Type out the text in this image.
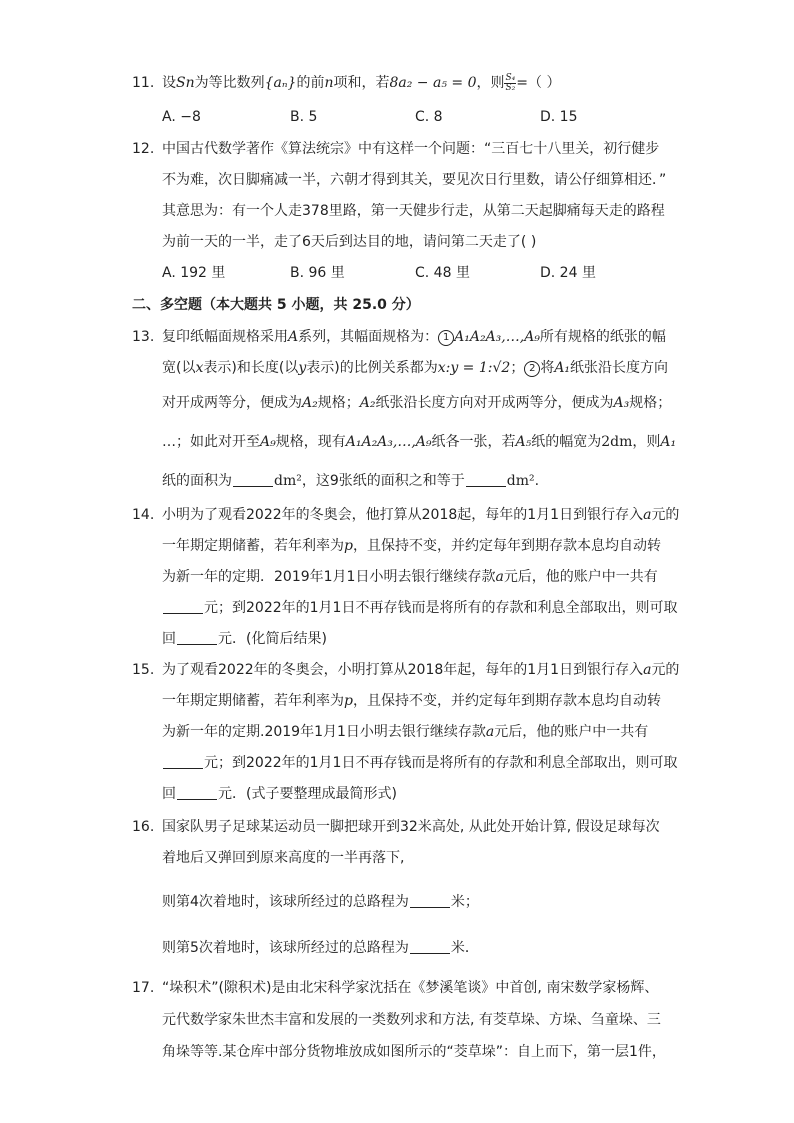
11. 设Sn为等比数列{aₙ}的前n项和，若8a₂ − a₅ = 0，则 $\frac{\text{S₄}}{\text{S₂}}$ =（ ）
A. −8	B. 5	C. 8	D. 15
12. 中国古代数学著作《算法统宗》中有这样一个问题：“三百七十八里关，初行健步
不为难，次日脚痛减一半，六朝才得到其关，要见次日行里数，请公仔细算相还．”
其意思为：有一个人走378里路，第一天健步行走，从第二天起脚痛每天走的路程
为前一天的一半，走了6天后到达目的地，请问第二天走了( )
A. 192 里	B. 96 里	C. 48 里	D. 24 里
二、多空题（本大题共 5 小题，共 25.0 分）
13. 复印纸幅面规格采用A系列，其幅面规格为： 1 A₁A₂A₃,…,A₉所有规格的纸张的幅
宽(以x表示)和长度(以y表示)的比例关系都为x:y = 1:√2； 2 将A₁纸张沿长度方向
对开成两等分，便成为A₂规格；A₂纸张沿长度方向对开成两等分，便成为A₃规格；
…；如此对开至A₉规格，现有A₁A₂A₃,…,A₉纸各一张，若A₅纸的幅宽为2dm，则A₁
纸的面积为	dm²，这9张纸的面积之和等于	dm².
14. 小明为了观看2022年的冬奥会，他打算从2018起，每年的1月1日到银行存入a元的
一年期定期储蓄，若年利率为p，且保持不变，并约定每年到期存款本息均自动转
为新一年的定期．2019年1月1日小明去银行继续存款a元后，他的账户中一共有
元；到2022年的1月1日不再存钱而是将所有的存款和利息全部取出，则可取
回	元．(化简后结果)
15. 为了观看2022年的冬奥会，小明打算从2018年起，每年的1月1日到银行存入a元的
一年期定期储蓄，若年利率为p，且保持不变，并约定每年到期存款本息均自动转
为新一年的定期.2019年1月1日小明去银行继续存款a元后，他的账户中一共有
元；到2022年的1月1日不再存钱而是将所有的存款和利息全部取出，则可取
回	元．(式子要整理成最简形式)
16. 国家队男子足球某运动员一脚把球开到32米高处, 从此处开始计算, 假设足球每次
着地后又弹回到原来高度的一半再落下,
则第4次着地时，该球所经过的总路程为	米；
则第5次着地时，该球所经过的总路程为	米．
17. “垛积术”(隙积术)是由北宋科学家沈括在《梦溪笔谈》中首创, 南宋数学家杨辉、
元代数学家朱世杰丰富和发展的一类数列求和方法, 有茭草垛、方垛、刍童垛、三
角垛等等.某仓库中部分货物堆放成如图所示的“茭草垛”：自上而下，第一层1件，
